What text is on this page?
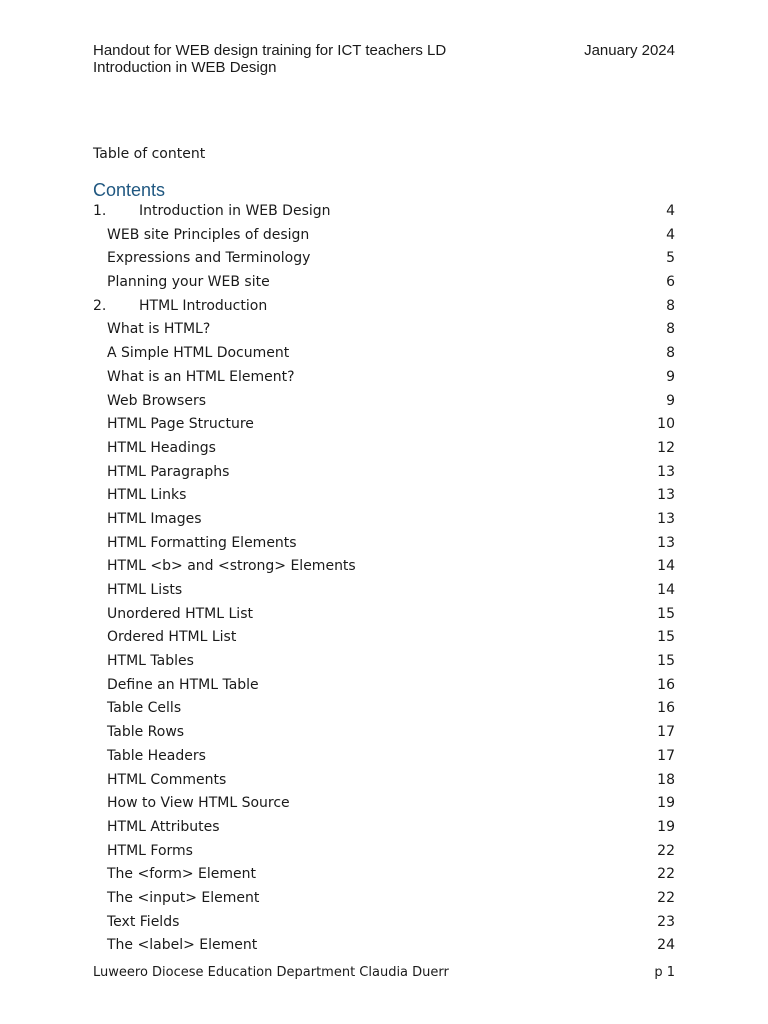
Handout for WEB design training for ICT teachers LD
Introduction in WEB Design
January 2024
Table of content
Contents
1. Introduction in WEB Design	4
WEB site Principles of design	4
Expressions and Terminology	5
Planning your WEB site	6
2. HTML Introduction	8
What is HTML?	8
A Simple HTML Document	8
What is an HTML Element?	9
Web Browsers	9
HTML Page Structure	10
HTML Headings	12
HTML Paragraphs	13
HTML Links	13
HTML Images	13
HTML Formatting Elements	13
HTML <b> and <strong> Elements	14
HTML Lists	14
Unordered HTML List	15
Ordered HTML List	15
HTML Tables	15
Define an HTML Table	16
Table Cells	16
Table Rows	17
Table Headers	17
HTML Comments	18
How to View HTML Source	19
HTML Attributes	19
HTML Forms	22
The <form> Element	22
The <input> Element	22
Text Fields	23
The <label> Element	24
Luweero Diocese Education Department Claudia Duerr	p 1
